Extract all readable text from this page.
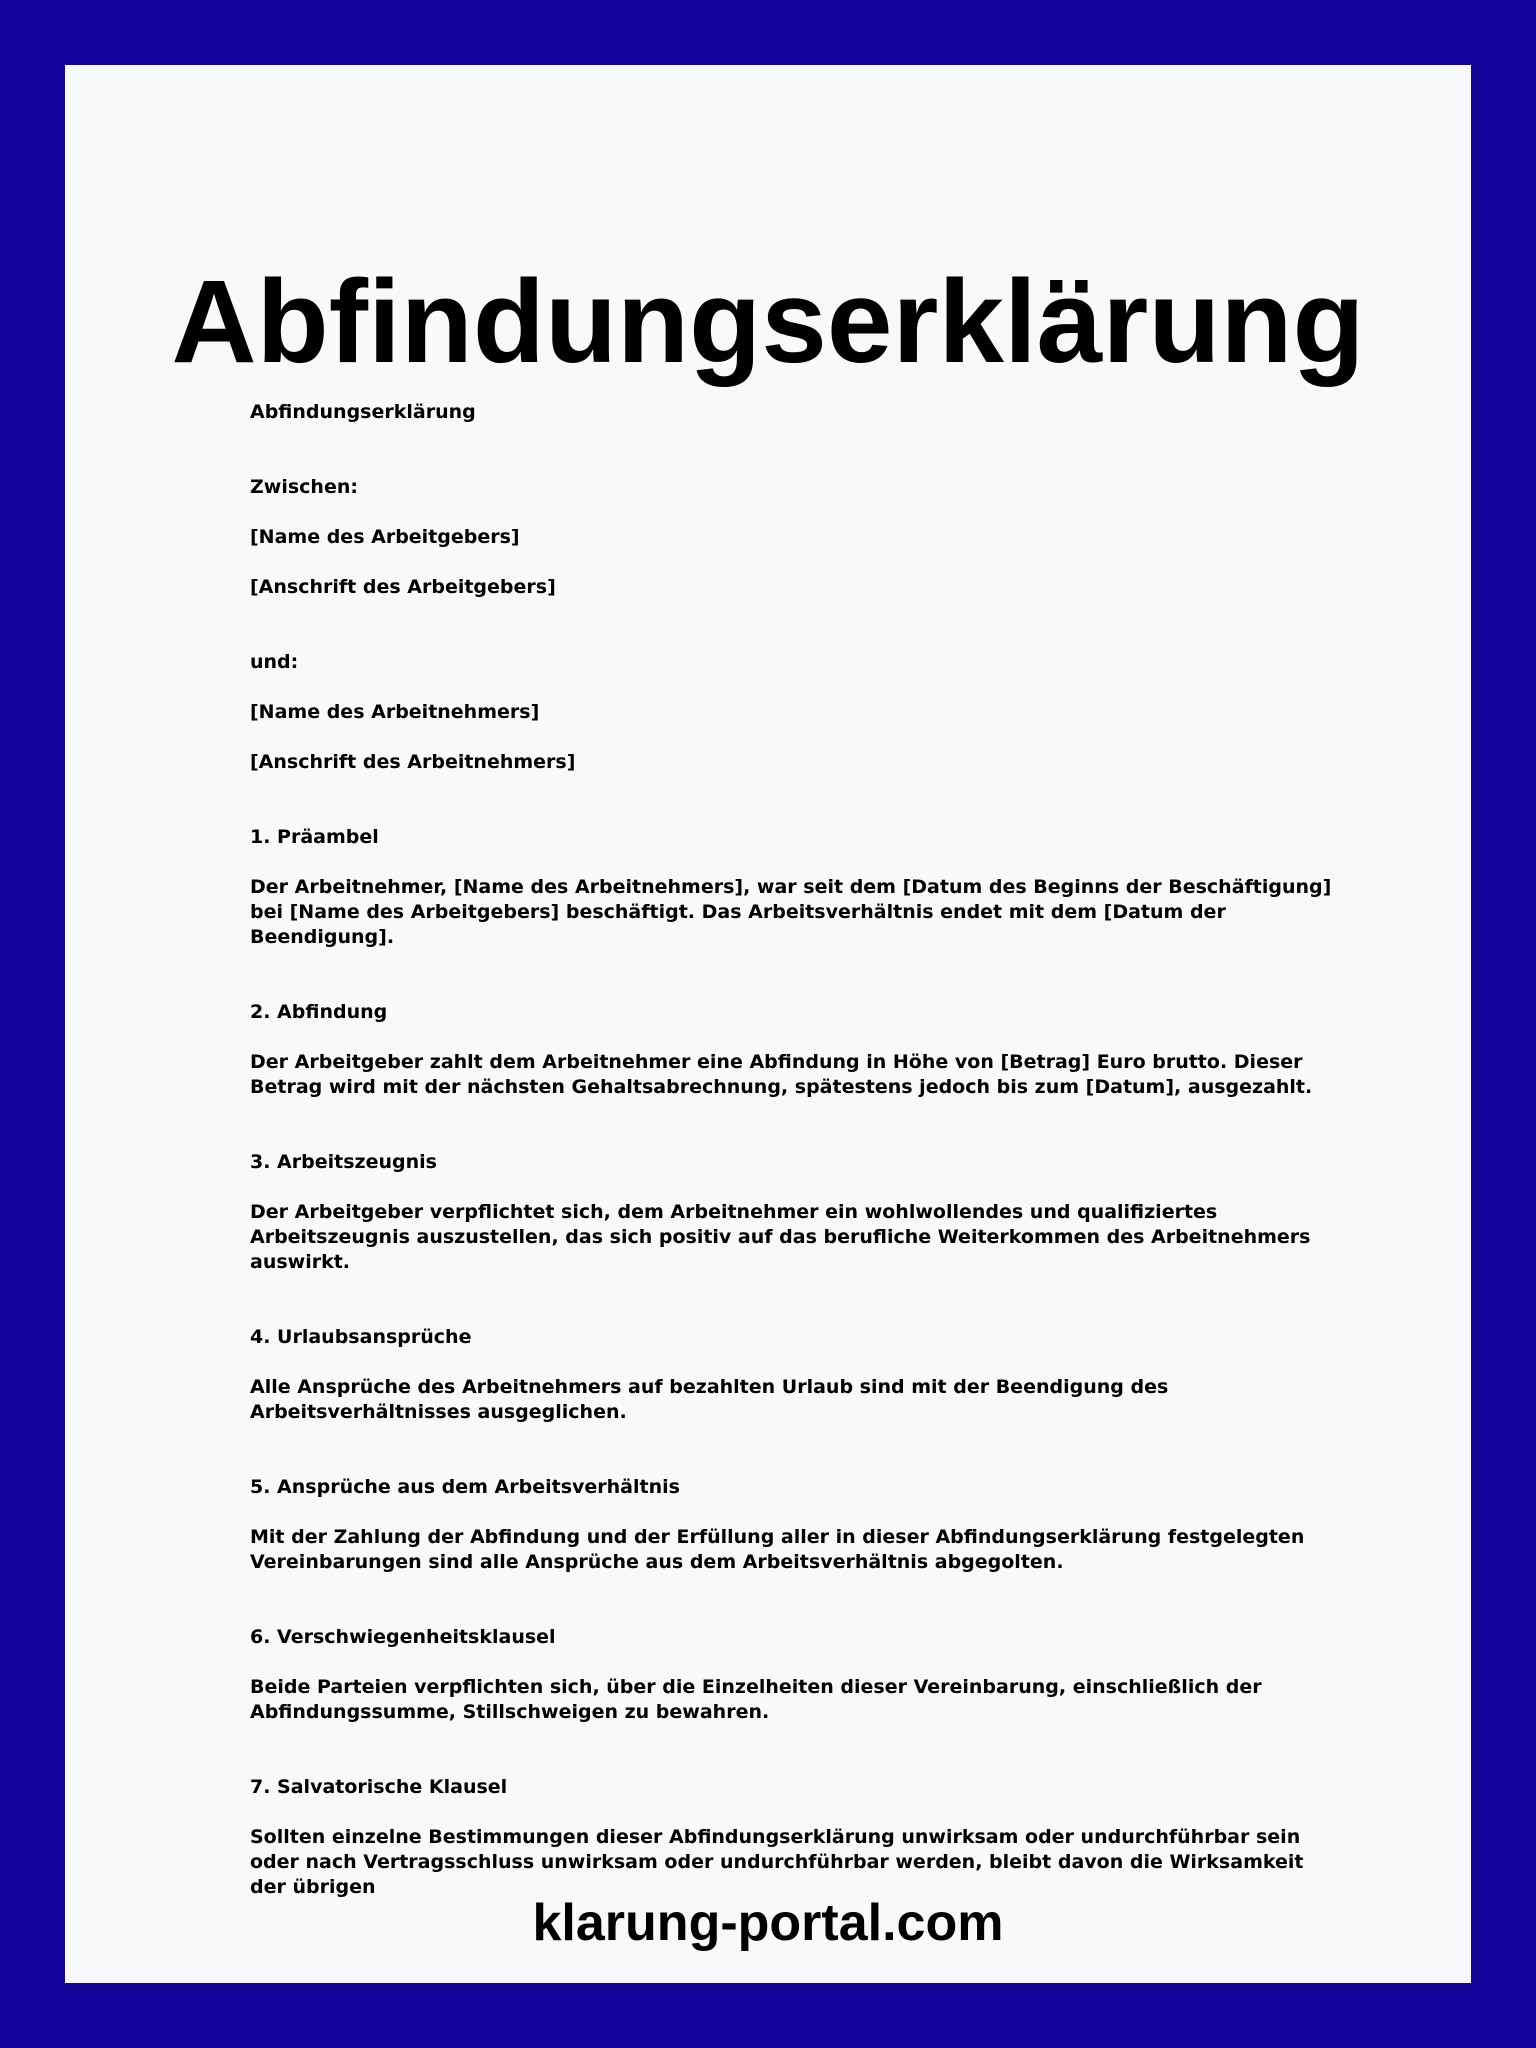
Abfindungserklärung

Abfindungserklärung

Zwischen:

[Name des Arbeitgebers]

[Anschrift des Arbeitgebers]

und:

[Name des Arbeitnehmers]

[Anschrift des Arbeitnehmers]

1. Präambel

Der Arbeitnehmer, [Name des Arbeitnehmers], war seit dem [Datum des Beginns der Beschäftigung] bei [Name des Arbeitgebers] beschäftigt. Das Arbeitsverhältnis endet mit dem [Datum der Beendigung].

2. Abfindung

Der Arbeitgeber zahlt dem Arbeitnehmer eine Abfindung in Höhe von [Betrag] Euro brutto. Dieser Betrag wird mit der nächsten Gehaltsabrechnung, spätestens jedoch bis zum [Datum], ausgezahlt.

3. Arbeitszeugnis

Der Arbeitgeber verpflichtet sich, dem Arbeitnehmer ein wohlwollendes und qualifiziertes Arbeitszeugnis auszustellen, das sich positiv auf das berufliche Weiterkommen des Arbeitnehmers auswirkt.

4. Urlaubsansprüche

Alle Ansprüche des Arbeitnehmers auf bezahlten Urlaub sind mit der Beendigung des Arbeitsverhältnisses ausgeglichen.

5. Ansprüche aus dem Arbeitsverhältnis

Mit der Zahlung der Abfindung und der Erfüllung aller in dieser Abfindungserklärung festgelegten Vereinbarungen sind alle Ansprüche aus dem Arbeitsverhältnis abgegolten.

6. Verschwiegenheitsklausel

Beide Parteien verpflichten sich, über die Einzelheiten dieser Vereinbarung, einschließlich der Abfindungssumme, Stillschweigen zu bewahren.

7. Salvatorische Klausel

Sollten einzelne Bestimmungen dieser Abfindungserklärung unwirksam oder undurchführbar sein oder nach Vertragsschluss unwirksam oder undurchführbar werden, bleibt davon die Wirksamkeit der übrigen

klarung-portal.com
